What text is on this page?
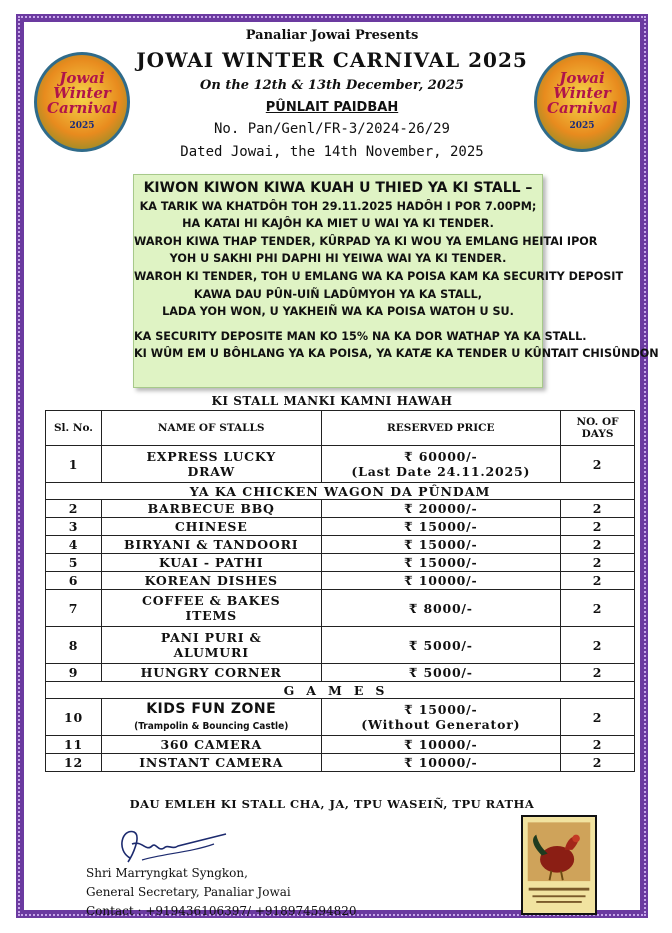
Jowai
Winter
Carnival
2025
Jowai
Winter
Carnival
2025
Panaliar Jowai Presents
JOWAI WINTER CARNIVAL 2025
On the 12th & 13th December, 2025
PÛNLAIT PAIDBAH
No. Pan/Genl/FR-3/2024-26/29
Dated Jowai, the 14th November, 2025
KIWON KIWON KIWA KUAH U THIED YA KI STALL –
KA TARIK WA KHATDÔH TOH 29.11.2025 HADÔH I POR 7.00PM;
HA KATAI HI KAJÔH KA MIET U WAI YA KI TENDER.
WAROH KIWA THAP TENDER, KÛRPAD YA KI WOU YA EMLANG HEITAI IPOR
YOH U SAKHI PHI DAPHI HI YEIWA WAI YA KI TENDER.
WAROH KI TENDER, TOH U EMLANG WA KA POISA KAM KA SECURITY DEPOSIT
KAWA DAU PÛN-UIÑ LADÛMYOH YA KA STALL,
LADA YOH WON, U YAKHEIÑ WA KA POISA WATOH U SU.
KA SECURITY DEPOSITE MAN KO 15% NA KA DOR WATHAP YA KA STALL.
KI WÛM EM U BÔHLANG YA KA POISA, YA KATÆ KA TENDER U KÛNTAIT CHISÛNDON
KI STALL MANKI KAMNI HAWAH
Sl. No.	NAME OF STALLS	RESERVED PRICE	NO. OF DAYS
1	EXPRESS LUCKY
DRAW	₹ 60000/-
(Last Date 24.11.2025)	2
YA KA CHICKEN WAGON DA PÛNDAM			
2	BARBECUE BBQ	₹ 20000/-	2
3	CHINESE	₹ 15000/-	2
4	BIRYANI & TANDOORI	₹ 15000/-	2
5	KUAI - PATHI	₹ 15000/-	2
6	KOREAN DISHES	₹ 10000/-	2
7	COFFEE & BAKES
ITEMS	₹ 8000/-	2
8	PANI PURI &
ALUMURI	₹ 5000/-	2
9	HUNGRY CORNER	₹ 5000/-	2
GAMES			
10	KIDS FUN ZONE
(Trampolin & Bouncing Castle)	₹ 15000/-
(Without Generator)	2
11	360 CAMERA	₹ 10000/-	2
12	INSTANT CAMERA	₹ 10000/-	2
DAU EMLEH KI STALL CHA, JA, TPU WASEIÑ, TPU RATHA
Shri Marryngkat Syngkon,
General Secretary, Panaliar Jowai
Contact : +919436106397/ +918974594820
